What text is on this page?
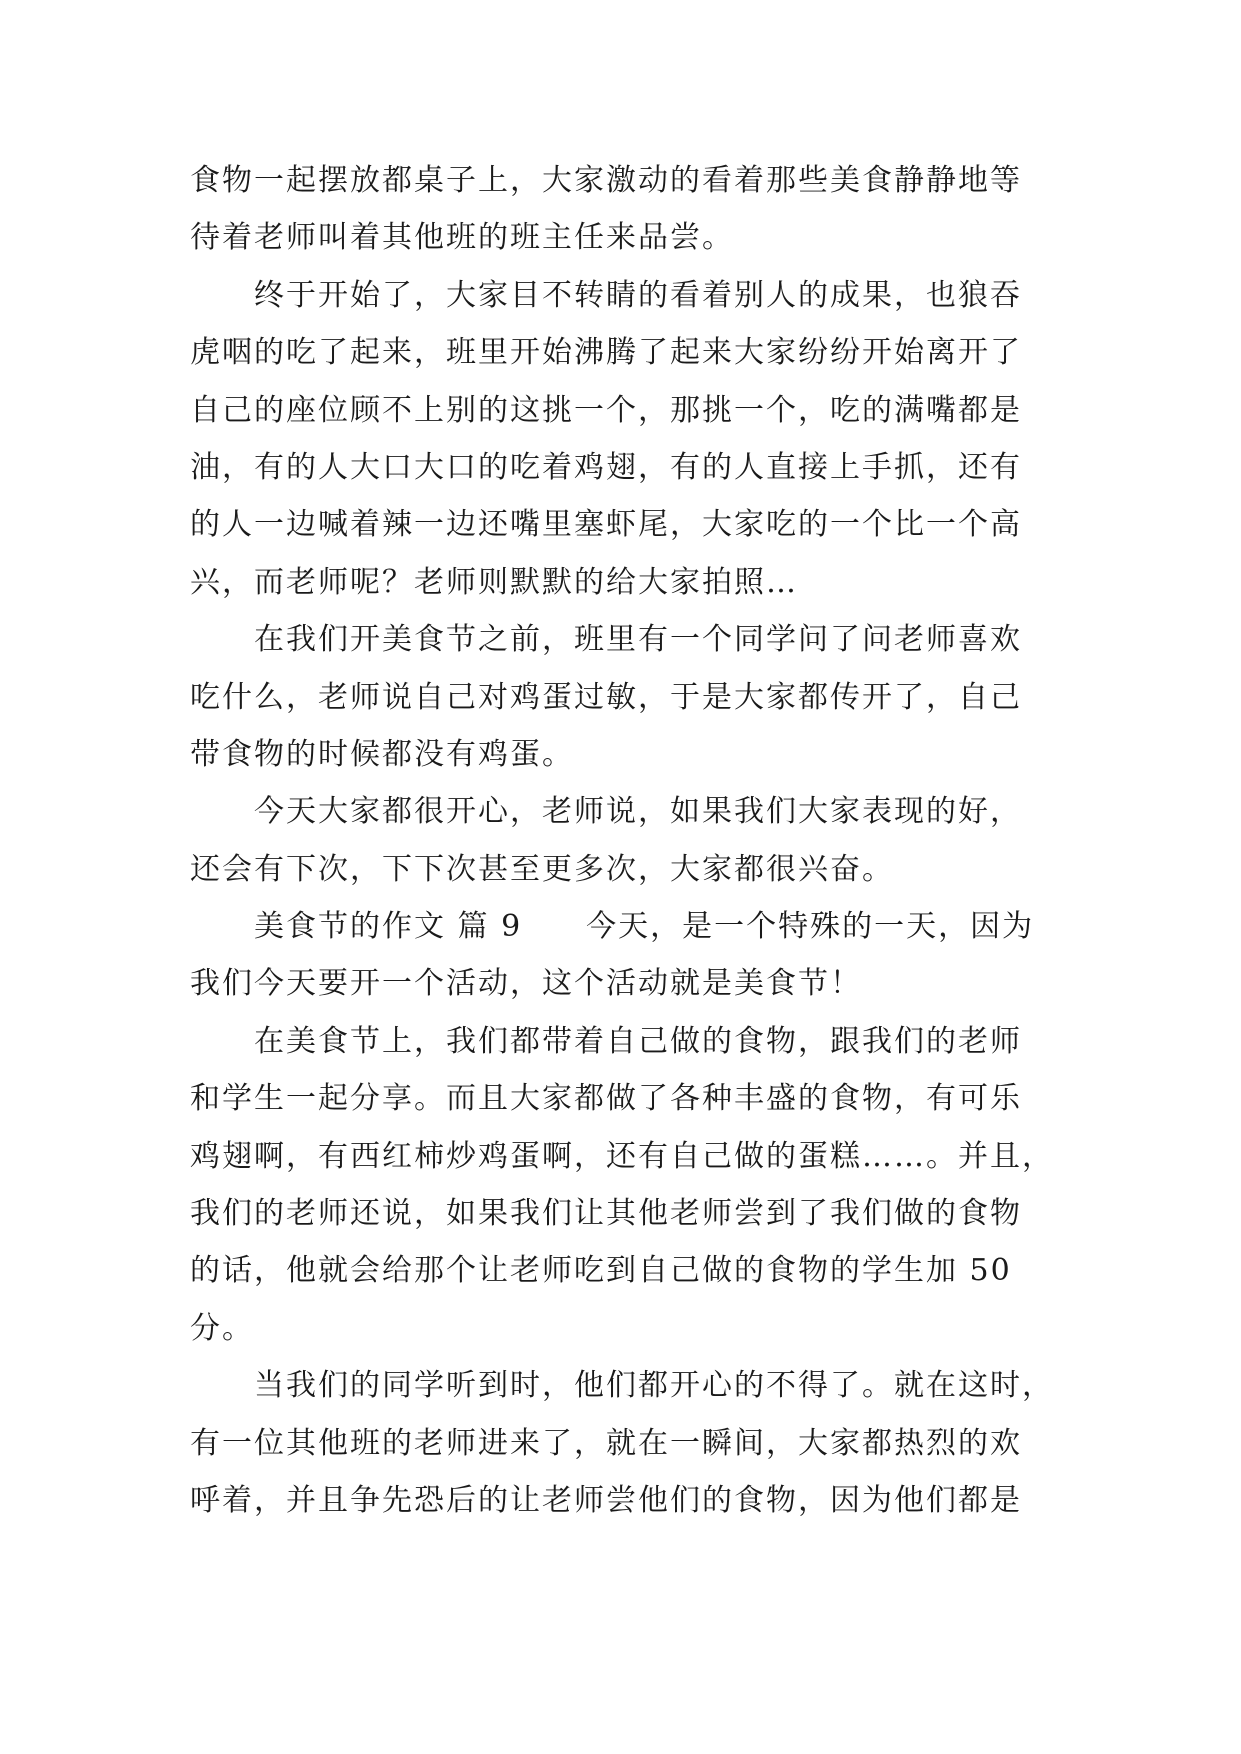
食物一起摆放都桌子上，大家激动的看着那些美食静静地等
待着老师叫着其他班的班主任来品尝。
终于开始了，大家目不转睛的看着别人的成果，也狼吞
虎咽的吃了起来，班里开始沸腾了起来大家纷纷开始离开了
自己的座位顾不上别的这挑一个，那挑一个，吃的满嘴都是
油，有的人大口大口的吃着鸡翅，有的人直接上手抓，还有
的人一边喊着辣一边还嘴里塞虾尾，大家吃的一个比一个高
兴，而老师呢？老师则默默的给大家拍照…
在我们开美食节之前，班里有一个同学问了问老师喜欢
吃什么，老师说自己对鸡蛋过敏，于是大家都传开了，自己
带食物的时候都没有鸡蛋。
今天大家都很开心，老师说，如果我们大家表现的好，
还会有下次，下下次甚至更多次，大家都很兴奋。
美食节的作文 篇 9　　今天，是一个特殊的一天，因为
我们今天要开一个活动，这个活动就是美食节！
在美食节上，我们都带着自己做的食物，跟我们的老师
和学生一起分享。而且大家都做了各种丰盛的食物，有可乐
鸡翅啊，有西红柿炒鸡蛋啊，还有自己做的蛋糕……。并且，
我们的老师还说，如果我们让其他老师尝到了我们做的食物
的话，他就会给那个让老师吃到自己做的食物的学生加 50
分。
当我们的同学听到时，他们都开心的不得了。就在这时，
有一位其他班的老师进来了，就在一瞬间，大家都热烈的欢
呼着，并且争先恐后的让老师尝他们的食物，因为他们都是
